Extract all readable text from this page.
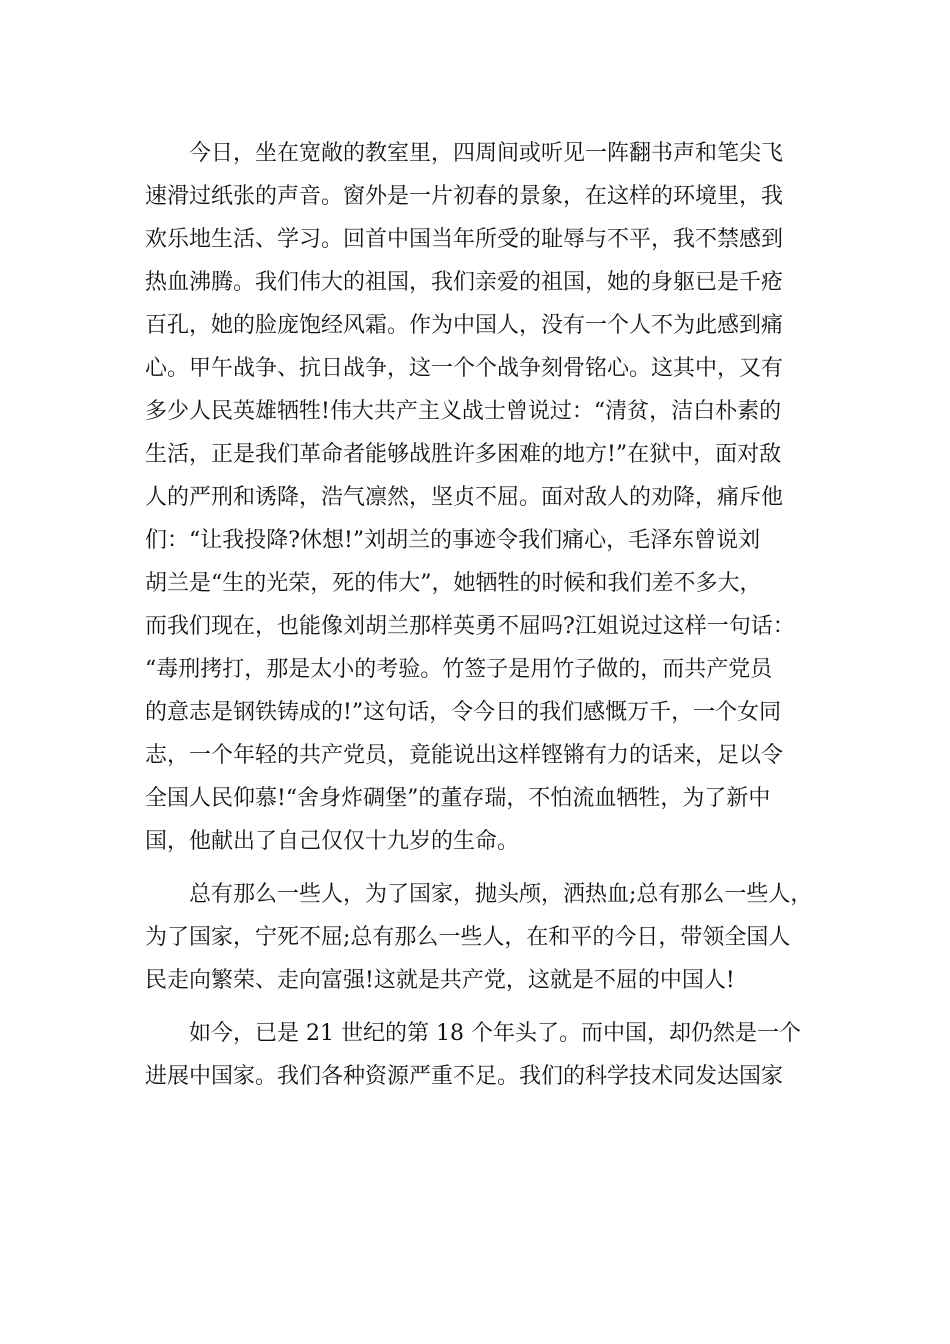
今日，坐在宽敞的教室里，四周间或听见一阵翻书声和笔尖飞
速滑过纸张的声音。窗外是一片初春的景象，在这样的环境里，我
欢乐地生活、学习。回首中国当年所受的耻辱与不平，我不禁感到
热血沸腾。我们伟大的祖国，我们亲爱的祖国，她的身躯已是千疮
百孔，她的脸庞饱经风霜。作为中国人，没有一个人不为此感到痛
心。甲午战争、抗日战争，这一个个战争刻骨铭心。这其中，又有
多少人民英雄牺牲!伟大共产主义战士曾说过：“清贫，洁白朴素的
生活，正是我们革命者能够战胜许多困难的地方!”在狱中，面对敌
人的严刑和诱降，浩气凛然，坚贞不屈。面对敌人的劝降，痛斥他
们：“让我投降?休想!”刘胡兰的事迹令我们痛心，毛泽东曾说刘
胡兰是“生的光荣，死的伟大”，她牺牲的时候和我们差不多大，
而我们现在，也能像刘胡兰那样英勇不屈吗?江姐说过这样一句话：
“毒刑拷打，那是太小的考验。竹签子是用竹子做的，而共产党员
的意志是钢铁铸成的!”这句话，令今日的我们感慨万千，一个女同
志，一个年轻的共产党员，竟能说出这样铿锵有力的话来，足以令
全国人民仰慕!“舍身炸碉堡”的董存瑞，不怕流血牺牲，为了新中
国，他献出了自己仅仅十九岁的生命。
总有那么一些人，为了国家，抛头颅，洒热血;总有那么一些人，
为了国家，宁死不屈;总有那么一些人，在和平的今日，带领全国人
民走向繁荣、走向富强!这就是共产党，这就是不屈的中国人!
如今，已是 21 世纪的第 18 个年头了。而中国，却仍然是一个
进展中国家。我们各种资源严重不足。我们的科学技术同发达国家
